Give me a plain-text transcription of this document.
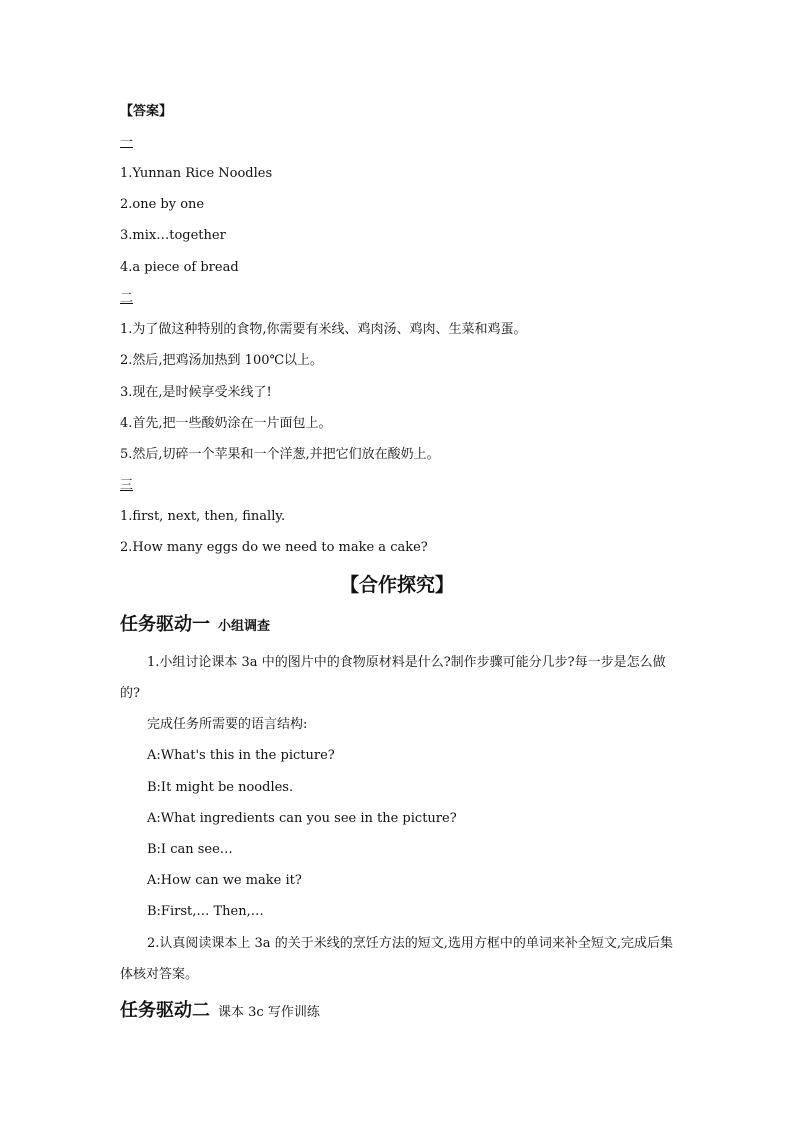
【答案】
一
1.Yunnan Rice Noodles
2.one by one
3.mix…together
4.a piece of bread
二
1.为了做这种特别的食物,你需要有米线、鸡肉汤、鸡肉、生菜和鸡蛋。
2.然后,把鸡汤加热到 100℃以上。
3.现在,是时候享受米线了!
4.首先,把一些酸奶涂在一片面包上。
5.然后,切碎一个苹果和一个洋葱,并把它们放在酸奶上。
三
1.first, next, then, finally.
2.How many eggs do we need to make a cake?
【合作探究】
任务驱动一 小组调查
1.小组讨论课本 3a 中的图片中的食物原材料是什么?制作步骤可能分几步?每一步是怎么做的?
完成任务所需要的语言结构:
A:What's this in the picture?
B:It might be noodles.
A:What ingredients can you see in the picture?
B:I can see…
A:How can we make it?
B:First,… Then,…
2.认真阅读课本上 3a 的关于米线的烹饪方法的短文,选用方框中的单词来补全短文,完成后集体核对答案。
任务驱动二 课本 3c 写作训练
